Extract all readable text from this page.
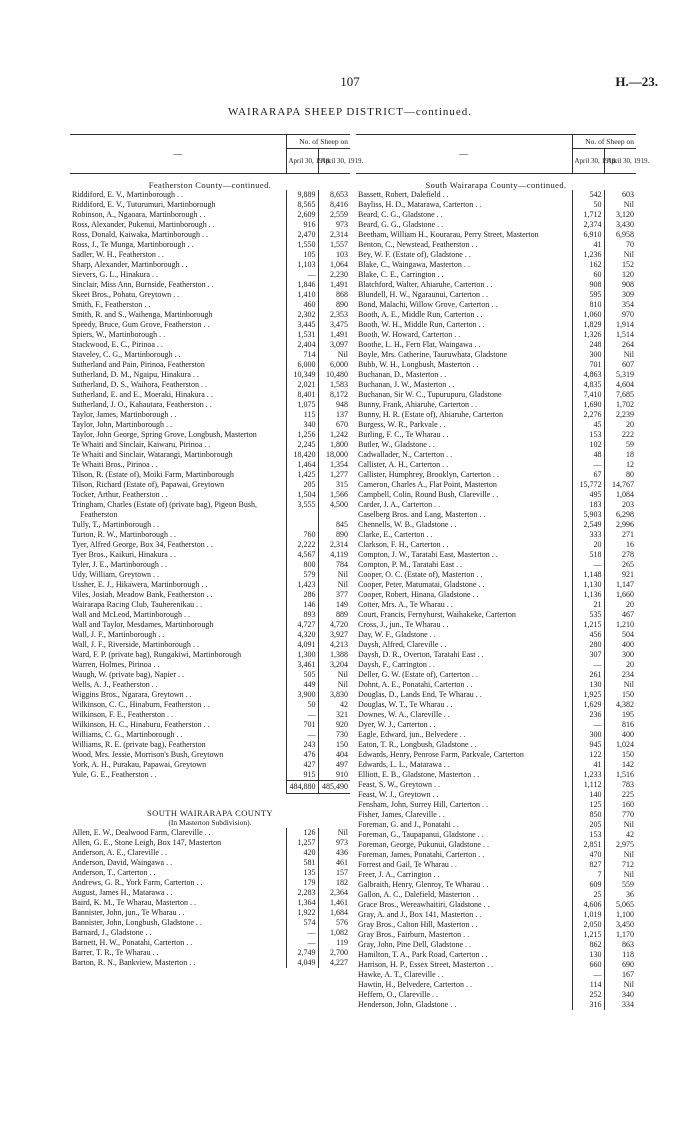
107	H.—23.
WAIRARAPA SHEEP DISTRICT—continued.
—	No. of Sheep on	
	April 30, 1918.	April 30, 1919.
Featherston County—continued.		
Riddiford, E. V., Martinborough . .	9,889	8,653
Riddiford, E. V., Tuturumuri, Martinborough	8,565	8,416
Robinson, A., Ngaoara, Martinborough . .	2,609	2,559
Ross, Alexander, Pukenui, Martinborough . .	916	973
Ross, Donald, Kaiwaka, Martinborough . .	2,470	2,314
Ross, J., Te Munga, Martinborough . .	1,550	1,557
Sadler, W. H., Featherston . .	105	103
Sharp, Alexander, Martinborough . .	1,103	1,064
Sievers, G. L., Hinakura . .	—	2,230
Sinclair, Miss Ann, Burnside, Featherston . .	1,846	1,491
Skeet Bros., Pohatu, Greytown . .	1,410	868
Smith, F., Featherston . .	460	890
Smith, R. and S., Waihenga, Martinborough	2,302	2,353
Speedy, Bruce, Gum Grove, Featherston . .	3,445	3,475
Spiers, W., Martinborough . .	1,531	1,491
Stackwood, E. C., Pirinoa . .	2,404	3,097
Staveley, C. G., Martinborough . .	714	Nil
Sutherland and Pain, Pirinoa, Featherston	6,000	6,000
Sutherland, D. M., Ngaipu, Hinakura . .	10,349	10,480
Sutherland, D. S., Waihora, Featherston . .	2,021	1,583
Sutherland, E. and E., Moeraki, Hinakura . .	8,401	8,172
Sutherland, J. O., Kahautara, Featherston . .	1,075	948
Taylor, James, Martinborough . .	115	137
Taylor, John, Martinborough . .	340	670
Taylor, John George, Spring Grove, Longbush, Masterton	1,256	1,242
Te Whaiti and Sinclair, Kaiwaru, Pirinoa . .	2,245	1,800
Te Whaiti and Sinclair, Watarangi, Martinborough	18,420	18,000
Te Whaiti Bros., Pirinoa . .	1,464	1,354
Tilson, R. (Estate of), Moiki Farm, Martinborough	1,425	1,277
Tilson, Richard (Estate of), Papawai, Greytown	205	315
Tocker, Arthur, Featherston . .	1,504	1,566
Tringham, Charles (Estate of) (private bag), Pigeon Bush, Featherston	3,555	4,500
Tully, T., Martinborough . .		845
Turton, R. W., Martinborough . .	760	890
Tyer, Alfred George, Box 34, Featherston . .	2,222	2,314
Tyer Bros., Kaikuri, Hinakura . .	4,567	4,119
Tyler, J. E., Martinborough . .	800	784
Udy, William, Greytown . .	579	Nil
Ussher, E. J., Hikawera, Martinborough . .	1,423	Nil
Viles, Josiah, Meadow Bank, Featherston . .	286	377
Wairarapa Racing Club, Tauherenikau . .	146	149
Wall and McLeod, Martinborough . .	893	889
Wall and Taylor, Mesdames, Martinborough	4,727	4,720
Wall, J. F., Martinborough . .	4,320	3,927
Wall, J. F., Riverside, Martinborough . .	4,091	4,213
Ward, F. P. (private bag), Rungakiwi, Martinborough	1,300	1,388
Warren, Holmes, Pirinoa . .	3,461	3,204
Waugh, W. (private bag), Napier . .	505	Nil
Wells, A. J., Featherston . .	449	Nil
Wiggins Bros., Ngarara, Greytown . .	3,900	3,830
Wilkinson, C. C., Hinaburn, Featherston . .	50	42
Wilkinson, F. E., Featherston . .	—	321
Wilkinson, H. C., Hinaburu, Featherston . .	701	920
Williams, C. G., Martinborough . .	—	730
Williams, R. E. (private bag), Featherston	243	150
Wood, Mrs. Jessie, Morrison's Bush, Greytown	476	404
York, A. H., Purakau, Papawai, Greytown	427	497
Yule, G. E., Featherston . .	915	910
	484,880	485,490

SOUTH WAIRARAPA COUNTY		
(In Masterton Subdivision).		
Allen, E. W., Dealwood Farm, Clareville . .	126	Nil
Allen, G. E., Stone Leigh, Box 147, Masterton	1,257	973
Anderson, A. E., Clareville . .	420	436
Anderson, David, Waingawa . .	581	461
Anderson, T., Carterton . .	135	157
Andrews, G. R., York Farm, Carterton . .	179	182
August, James H., Matarawa . .	2,283	2,364
Baird, K. M., Te Wharau, Masterton . .	1,364	1,461
Bannister, John, jun., Te Wharau . .	1,922	1,684
Bannister, John, Longbush, Gladstone . .	574	576
Barnard, J., Gladstone . .	—	1,082
Barnett, H. W., Ponatahi, Carterton . .	—	119
Barrer, T. R., Te Wharau . .	2,749	2,700
Barton, R. N., Bankview, Masterton . .	4,049	4,227
—	No. of Sheep on	
	April 30, 1918.	April 30, 1919.
South Wairarapa County—continued.		
Bassett, Robert, Dalefield . .	542	603
Bayliss, H. D., Matarawa, Carterton . .	50	Nil
Beard, C. G., Gladstone . .	1,712	3,120
Beard, G. G., Gladstone . .	2,374	3,430
Beetham, William H., Kourarau, Perry Street, Masterton	6,910	6,958
Benton, C., Newstead, Featherston . .	41	70
Bey, W. F. (Estate of), Gladstone . .	1,236	Nil
Blake, C., Waingawa, Masterton . .	162	152
Blake, C. E., Carrington . .	60	120
Blatchford, Walter, Ahiaruhe, Carterton . .	908	908
Blundell, H. W., Ngaraunui, Carterton . .	595	309
Bond, Malachi, Willow Grove, Carterton . .	810	354
Booth, A. E., Middle Run, Carterton . .	1,060	970
Booth, W. H., Middle Run, Carterton . .	1,829	1,914
Booth, W. Howard, Carterton . .	1,326	1,514
Boothe, L. H., Fern Flat, Waingawa . .	248	264
Boyle, Mrs. Catherine, Tauruwhata, Gladstone	300	Nil
Bubb, W. H., Longbush, Masterton . .	701	607
Buchanan, D., Masterton . .	4,863	5,319
Buchanan, J. W., Masterton . .	4,835	4,604
Buchanan, Sir W. C., Tupurupuru, Gladstone	7,410	7,685
Bunny, Frank, Ahiaruhe, Carterton . .	1,690	1,702
Bunny, H. R. (Estate of), Ahiaruhe, Carterton	2,276	2,239
Burgess, W. R., Parkvale . .	45	20
Burling, F. C., Te Wharau . .	153	222
Butler, W., Gladstone . .	102	59
Cadwallader, N., Carterton . .	48	18
Callister, A. H., Carterton . .	—	12
Callister, Humphrey, Brooklyn, Carterton . .	67	80
Cameron, Charles A., Flat Point, Masterton	15,772	14,767
Campbell, Colin, Round Bush, Clareville . .	495	1,084
Carder, J. A., Carterton . .	183	203
Caselberg Bros. and Lang, Masterton . .	5,903	6,298
Chennells, W. B., Gladstone . .	2,549	2,996
Clarke, E., Carterton . .	333	271
Clarkson, F. H., Carterton . .	20	16
Compton, J. W., Taratahi East, Masterton . .	518	278
Compton, P. M., Taratahi East . .	—	265
Cooper, O. C. (Estate of), Masterton . .	1,148	921
Cooper, Peter, Matumatai, Gladstone . .	1,130	1,147
Cooper, Robert, Hinana, Gladstone . .	1,136	1,660
Cotter, Mrs. A., Te Wharau . .	21	20
Court, Francis, Fernyhurst, Waihakeke, Carterton	535	467
Cross, J., jun., Te Wharau . .	1,215	1,210
Day, W. F., Gladstone . .	456	504
Daysh, Alfred, Clareville . .	280	400
Daysh, D. R., Overton, Taratahi East . .	307	300
Daysh, F., Carrington . .	—	20
Deller, G. W. (Estate of), Carterton . .	261	234
Dohnt, A. E., Ponatahi, Carterton . .	130	Nil
Douglas, D., Lands End, Te Wharau . .	1,925	150
Douglas, W. T., Te Wharau . .	1,629	4,382
Downes, W. A., Clareville . .	236	195
Dyer, W. J., Carterton . .	—	816
Eagle, Edward, jun., Belvedere . .	300	400
Eaton, T. R., Longbush, Gladstone . .	945	1,024
Edwards, Henry, Penrose Farm, Parkvale, Carterton	122	150
Edwards, L. L., Matarawa . .	41	142
Elliott, E. B., Gladstone, Masterton . .	1,233	1,516
Feast, S. W., Greytown . .	1,112	783
Feast, W. J., Greytown . .	140	225
Fensham, John, Surrey Hill, Carterton . .	125	160
Fisher, James, Clareville . .	850	770
Foreman, G. and J., Ponatahi . .	205	Nil
Foreman, G., Taupapanui, Gladstone . .	153	42
Foreman, George, Pukunui, Gladstone . .	2,851	2,975
Foreman, James, Ponatahi, Carterton . .	470	Nil
Forrest and Gail, Te Wharau . .	827	712
Freer, J. A., Carrington . .	7	Nil
Galbraith, Henry, Glenroy, Te Wharau . .	609	559
Gallon, A. C., Dalefield, Masterton . .	25	36
Grace Bros., Wereawhaitiri, Gladstone . .	4,606	5,065
Gray, A. and J., Box 141, Masterton . .	1,019	1,100
Gray Bros., Calton Hill, Masterton . .	2,050	3,450
Gray Bros., Fairburn, Masterton . .	1,215	1,170
Gray, John, Pine Dell, Gladstone . .	862	863
Hamilton, T. A., Park Road, Carterton . .	130	118
Harrison, H. P., Essex Street, Masterton . .	660	690
Hawke, A. T., Clareville . .	—	167
Hawtin, H., Belvedere, Carterton . .	114	Nil
Heffern, O., Clareville . .	252	340
Henderson, John, Gladstone . .	316	334
